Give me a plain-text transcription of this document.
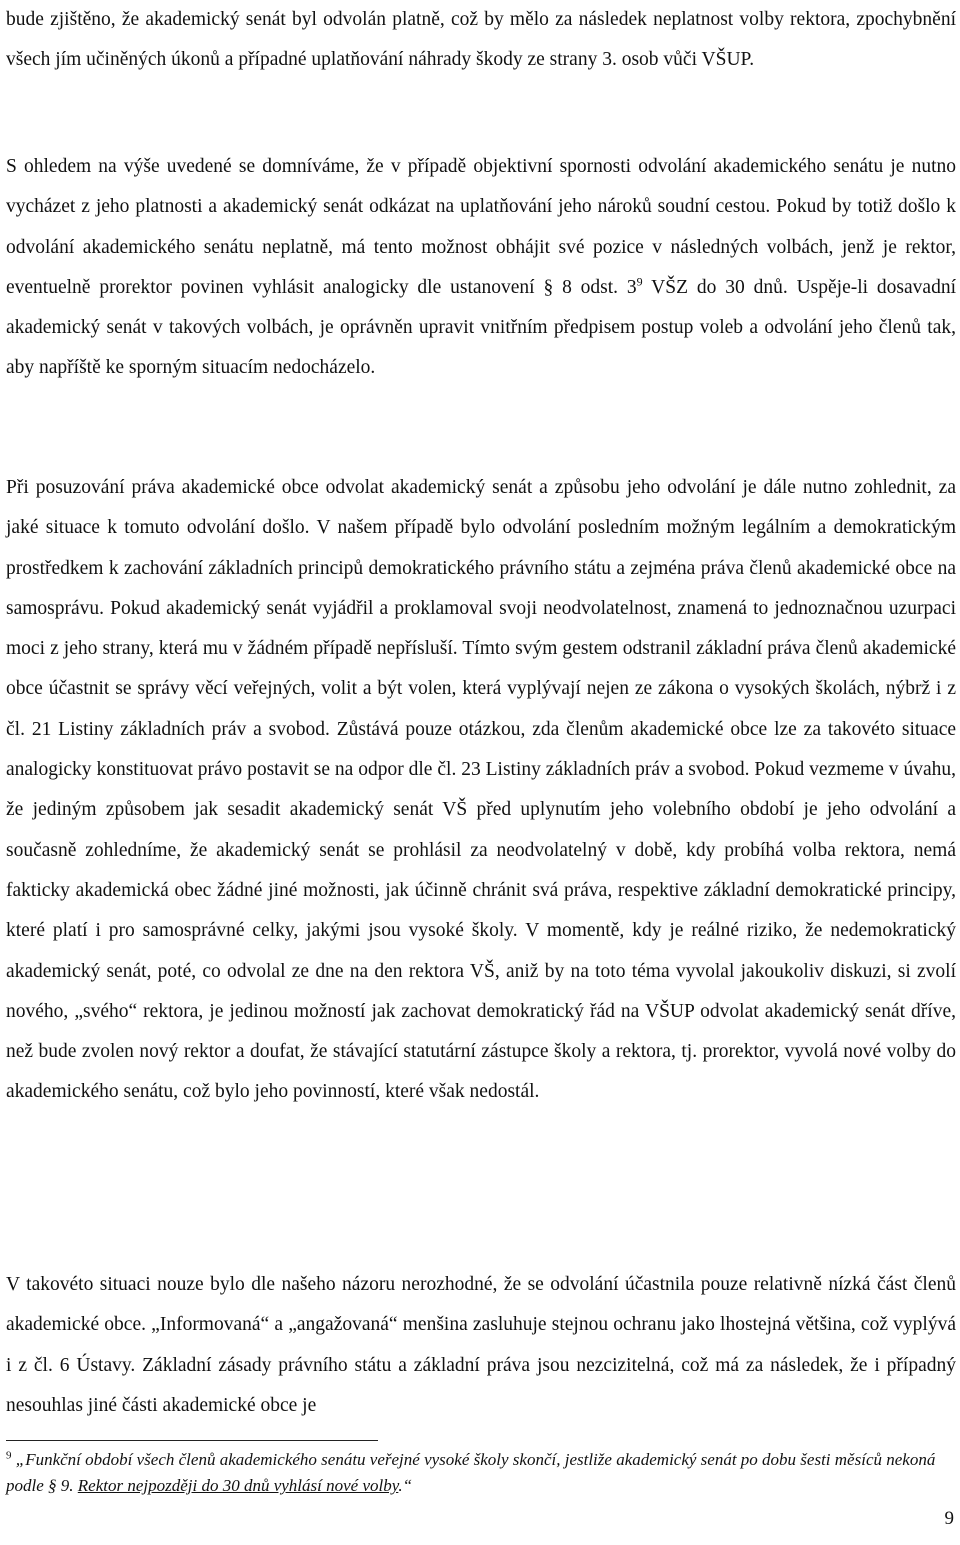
bude zjištěno, že akademický senát byl odvolán platně, což by mělo za následek neplatnost volby rektora, zpochybnění všech jím učiněných úkonů a případné uplatňování náhrady škody ze strany 3. osob vůči VŠUP.

S ohledem na výše uvedené se domníváme, že v případě objektivní spornosti odvolání akademického senátu je nutno vycházet z jeho platnosti a akademický senát odkázat na uplatňování jeho nároků soudní cestou. Pokud by totiž došlo k odvolání akademického senátu neplatně, má tento možnost obhájit své pozice v následných volbách, jenž je rektor, eventuelně prorektor povinen vyhlásit analogicky dle ustanovení § 8 odst. $3^9$ VŠZ do 30 dnů. Uspěje-li dosavadní akademický senát v takových volbách, je oprávněn upravit vnitřním předpisem postup voleb a odvolání jeho členů tak, aby napříště ke sporným situacím nedocházelo.

Při posuzování práva akademické obce odvolat akademický senát a způsobu jeho odvolání je dále nutno zohlednit, za jaké situace k tomuto odvolání došlo. V našem případě bylo odvolání posledním možným legálním a demokratickým prostředkem k zachování základních principů demokratického právního státu a zejména práva členů akademické obce na samosprávu. Pokud akademický senát vyjádřil a proklamoval svoji neodvolatelnost, znamená to jednoznačnou uzurpaci moci z jeho strany, která mu v žádném případě nepřísluší. Tímto svým gestem odstranil základní práva členů akademické obce účastnit se správy věcí veřejných, volit a být volen, která vyplývají nejen ze zákona o vysokých školách, nýbrž i z čl. 21 Listiny základních práv a svobod. Zůstává pouze otázkou, zda členům akademické obce lze za takovéto situace analogicky konstituovat právo postavit se na odpor dle čl. 23 Listiny základních práv a svobod. Pokud vezmeme v úvahu, že jediným způsobem jak sesadit akademický senát VŠ před uplynutím jeho volebního období je jeho odvolání a současně zohledníme, že akademický senát se prohlásil za neodvolatelný v době, kdy probíhá volba rektora, nemá fakticky akademická obec žádné jiné možnosti, jak účinně chránit svá práva, respektive základní demokratické principy, které platí i pro samosprávné celky, jakými jsou vysoké školy. V momentě, kdy je reálné riziko, že nedemokratický akademický senát, poté, co odvolal ze dne na den rektora VŠ, aniž by na toto téma vyvolal jakoukoliv diskuzi, si zvolí nového, „svého“ rektora, je jedinou možností jak zachovat demokratický řád na VŠUP odvolat akademický senát dříve, než bude zvolen nový rektor a doufat, že stávající statutární zástupce školy a rektora, tj. prorektor, vyvolá nové volby do akademického senátu, což bylo jeho povinností, které však nedostál.

V takovéto situaci nouze bylo dle našeho názoru nerozhodné, že se odvolání účastnila pouze relativně nízká část členů akademické obce. „Informovaná“ a „angažovaná“ menšina zasluhuje stejnou ochranu jako lhostejná většina, což vyplývá i z čl. 6 Ústavy. Základní zásady právního státu a základní práva jsou nezcizitelná, což má za následek, že i případný nesouhlas jiné části akademické obce je

$^9$ „Funkční období všech členů akademického senátu veřejné vysoké školy skončí, jestliže akademický senát po dobu šesti měsíců nekoná podle § 9. Rektor nejpozději do 30 dnů vyhlásí nové volby.“

9
